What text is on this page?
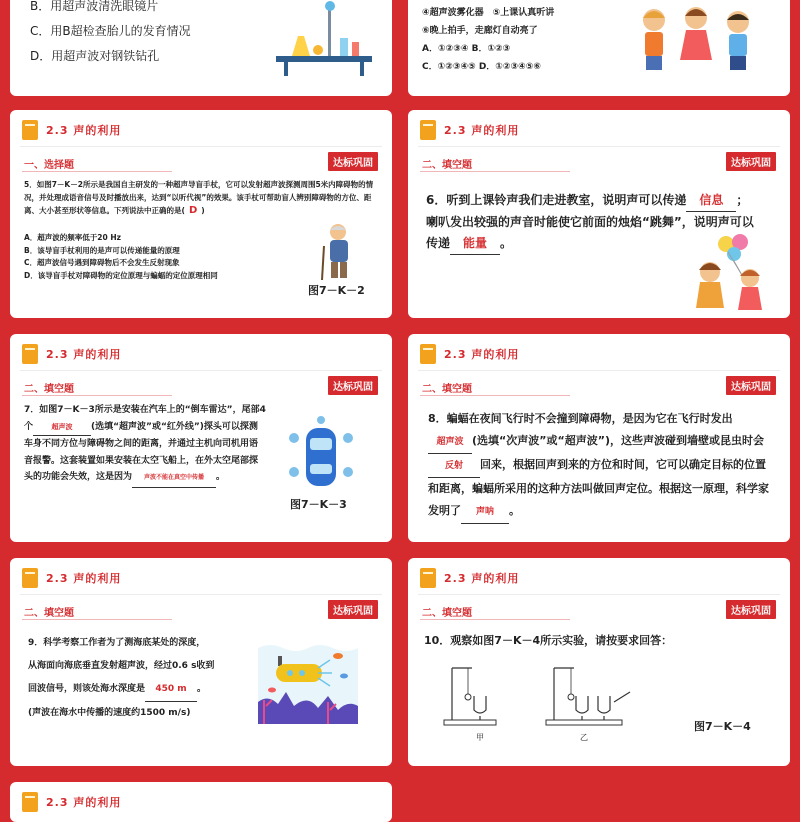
B．用超声波清洗眼镜片
C．用B超检查胎儿的发育情况
D．用超声波对钢铁钻孔
④超声波雾化器　⑤上课认真听讲
⑥晚上拍手，走廊灯自动亮了
A．①②③④ B．①②③
C．①②③④⑤ D．①②③④⑤⑥
2.3 声的利用
一、选择题	达标巩固
5．如图7－K－2所示是我国自主研发的一种超声导盲手杖，它可以发射超声波探测周围5米内障碍物的情况，并处理成语音信号及时播放出来，达到“以听代视”的效果。该手杖可帮助盲人辨别障碍物的方位、距离、大小甚至形状等信息。下列说法中正确的是( D )
A．超声波的频率低于20 Hz
B．该导盲手杖利用的是声可以传递能量的原理
C．超声波信号遇到障碍物后不会发生反射现象
D．该导盲手杖对障碍物的定位原理与蝙蝠的定位原理相同
图7－K－2
2.3 声的利用
二、填空题	达标巩固
6．听到上课铃声我们走进教室，说明声可以传递 信息 ；喇叭发出较强的声音时能使它前面的烛焰“跳舞”，说明声可以传递 能量 。
2.3 声的利用
二、填空题	达标巩固
7．如图7－K－3所示是安装在汽车上的“倒车雷达”，尾部4个	超声波 (选填“超声波”或“红外线”)探头可以探测车身不同方位与障碍物之间的距离，并通过主机向司机用语音报警。这套装置如果安装在太空飞船上，在外太空尾部探头的功能会失效，这是因为 声波不能在真空中传播 。
图7－K－3
2.3 声的利用
二、填空题	达标巩固
8．蝙蝠在夜间飞行时不会撞到障碍物，是因为它在飞行时发出超声波 (选填“次声波”或“超声波”)，这些声波碰到墙壁或昆虫时会反射 回来，根据回声到来的方位和时间，它可以确定目标的位置和距离，蝙蝠所采用的这种方法叫做回声定位。根据这一原理，科学家发明了 声呐 。
2.3 声的利用
二、填空题	达标巩固
9．科学考察工作者为了测海底某处的深度，
从海面向海底垂直发射超声波，经过0.6 s收到
回波信号，则该处海水深度是 450 m 。
(声波在海水中传播的速度约1500 m/s)
2.3 声的利用
二、填空题	达标巩固
10．观察如图7－K－4所示实验，请按要求回答：
甲	乙
图7－K－4
2.3 声的利用
